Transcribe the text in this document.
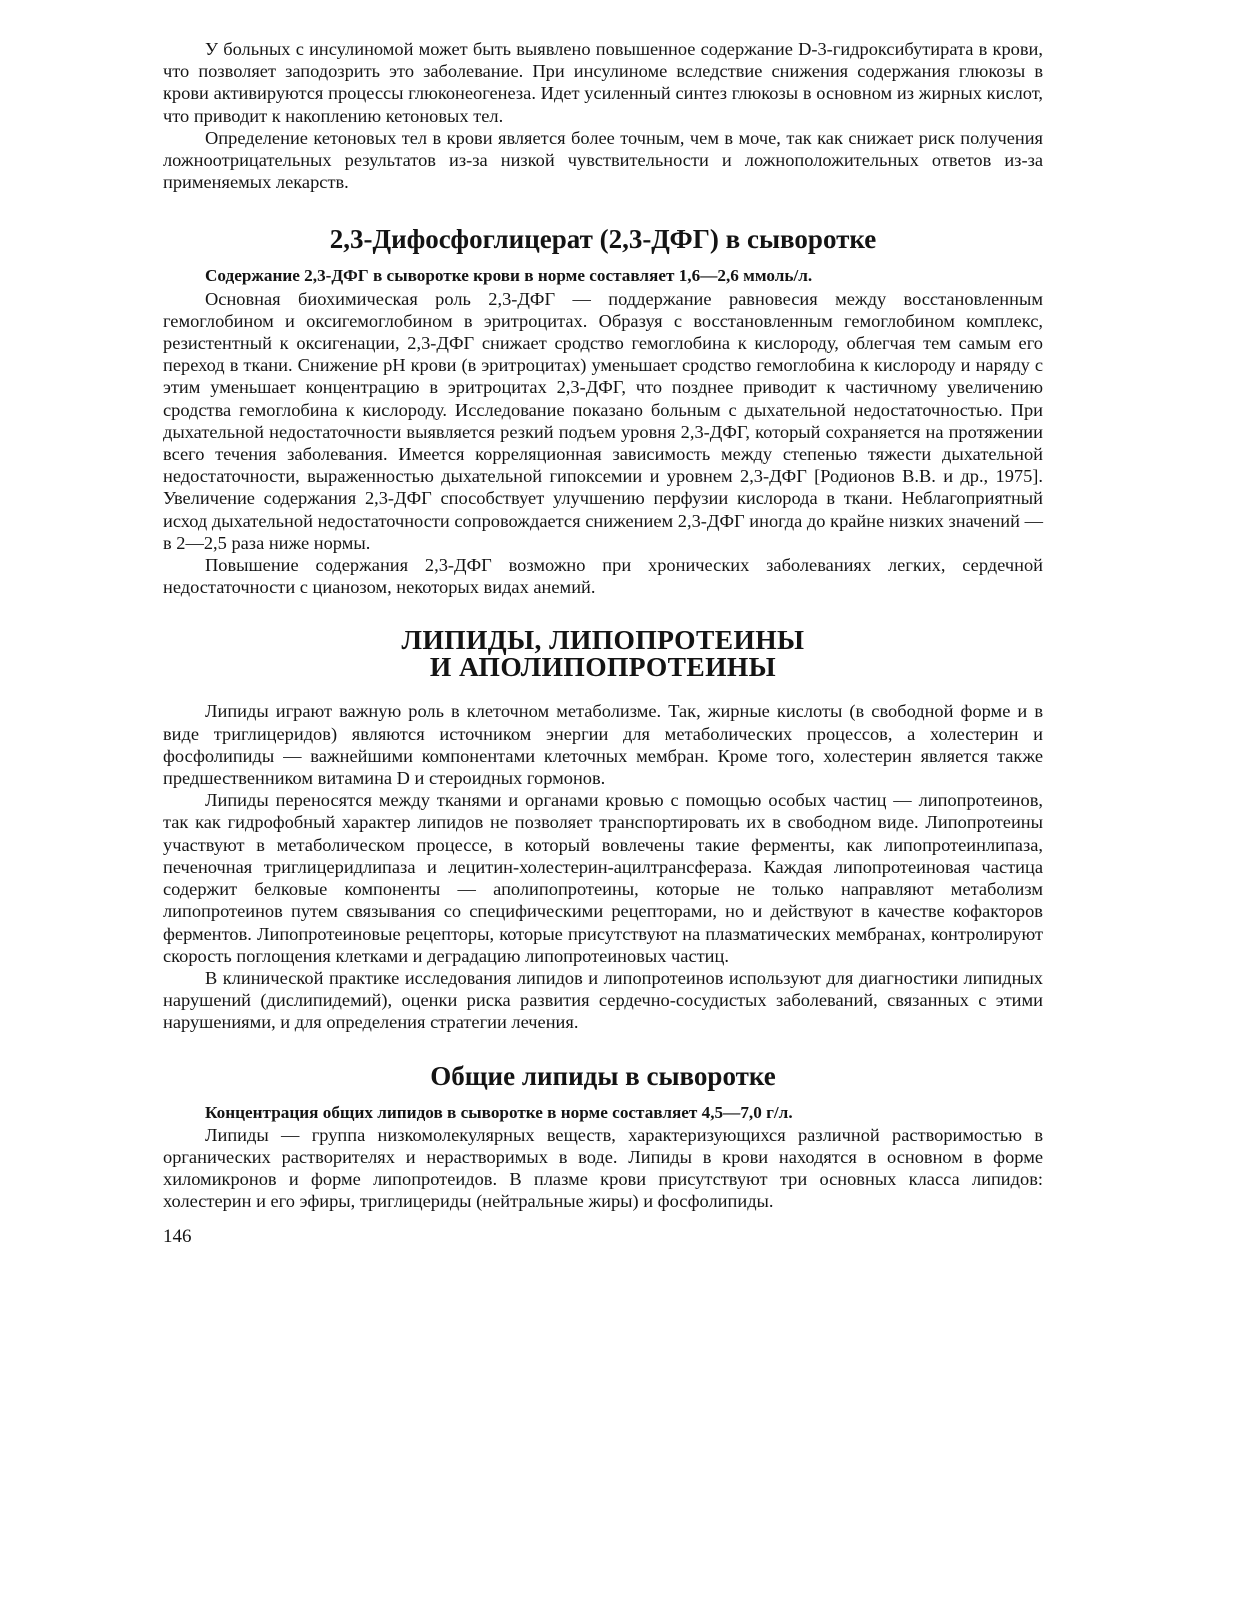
У больных с инсулиномой может быть выявлено повышенное содержание D-3-гидроксибутирата в крови, что позволяет заподозрить это заболевание. При инсулиноме вследствие снижения содержания глюкозы в крови активируются процессы глюконеогенеза. Идет усиленный синтез глюкозы в основном из жирных кислот, что приводит к накоплению кетоновых тел.

Определение кетоновых тел в крови является более точным, чем в моче, так как снижает риск получения ложноотрицательных результатов из-за низкой чувствительности и ложноположительных ответов из-за применяемых лекарств.

2,3-Дифосфоглицерат (2,3-ДФГ) в сыворотке

Содержание 2,3-ДФГ в сыворотке крови в норме составляет 1,6—2,6 ммоль/л.

Основная биохимическая роль 2,3-ДФГ — поддержание равновесия между восстановленным гемоглобином и оксигемоглобином в эритроцитах. Образуя с восстановленным гемоглобином комплекс, резистентный к оксигенации, 2,3-ДФГ снижает сродство гемоглобина к кислороду, облегчая тем самым его переход в ткани. Снижение pH крови (в эритроцитах) уменьшает сродство гемоглобина к кислороду и наряду с этим уменьшает концентрацию в эритроцитах 2,3-ДФГ, что позднее приводит к частичному увеличению сродства гемоглобина к кислороду. Исследование показано больным с дыхательной недостаточностью. При дыхательной недостаточности выявляется резкий подъем уровня 2,3-ДФГ, который сохраняется на протяжении всего течения заболевания. Имеется корреляционная зависимость между степенью тяжести дыхательной недостаточности, выраженностью дыхательной гипоксемии и уровнем 2,3-ДФГ [Родионов В.В. и др., 1975]. Увеличение содержания 2,3-ДФГ способствует улучшению перфузии кислорода в ткани. Неблагоприятный исход дыхательной недостаточности сопровождается снижением 2,3-ДФГ иногда до крайне низких значений — в 2—2,5 раза ниже нормы.

Повышение содержания 2,3-ДФГ возможно при хронических заболеваниях легких, сердечной недостаточности с цианозом, некоторых видах анемий.

ЛИПИДЫ, ЛИПОПРОТЕИНЫ
И АПОЛИПОПРОТЕИНЫ

Липиды играют важную роль в клеточном метаболизме. Так, жирные кислоты (в свободной форме и в виде триглицеридов) являются источником энергии для метаболических процессов, а холестерин и фосфолипиды — важнейшими компонентами клеточных мембран. Кроме того, холестерин является также предшественником витамина D и стероидных гормонов.

Липиды переносятся между тканями и органами кровью с помощью особых частиц — липопротеинов, так как гидрофобный характер липидов не позволяет транспортировать их в свободном виде. Липопротеины участвуют в метаболическом процессе, в который вовлечены такие ферменты, как липопротеинлипаза, печеночная триглицеридлипаза и лецитин-холестерин-ацилтрансфераза. Каждая липопротеиновая частица содержит белковые компоненты — аполипопротеины, которые не только направляют метаболизм липопротеинов путем связывания со специфическими рецепторами, но и действуют в качестве кофакторов ферментов. Липопротеиновые рецепторы, которые присутствуют на плазматических мембранах, контролируют скорость поглощения клетками и деградацию липопротеиновых частиц.

В клинической практике исследования липидов и липопротеинов используют для диагностики липидных нарушений (дислипидемий), оценки риска развития сердечно-сосудистых заболеваний, связанных с этими нарушениями, и для определения стратегии лечения.

Общие липиды в сыворотке

Концентрация общих липидов в сыворотке в норме составляет 4,5—7,0 г/л.

Липиды — группа низкомолекулярных веществ, характеризующихся различной растворимостью в органических растворителях и нерастворимых в воде. Липиды в крови находятся в основном в форме хиломикронов и форме липопротеидов. В плазме крови присутствуют три основных класса липидов: холестерин и его эфиры, триглицериды (нейтральные жиры) и фосфолипиды.

146
